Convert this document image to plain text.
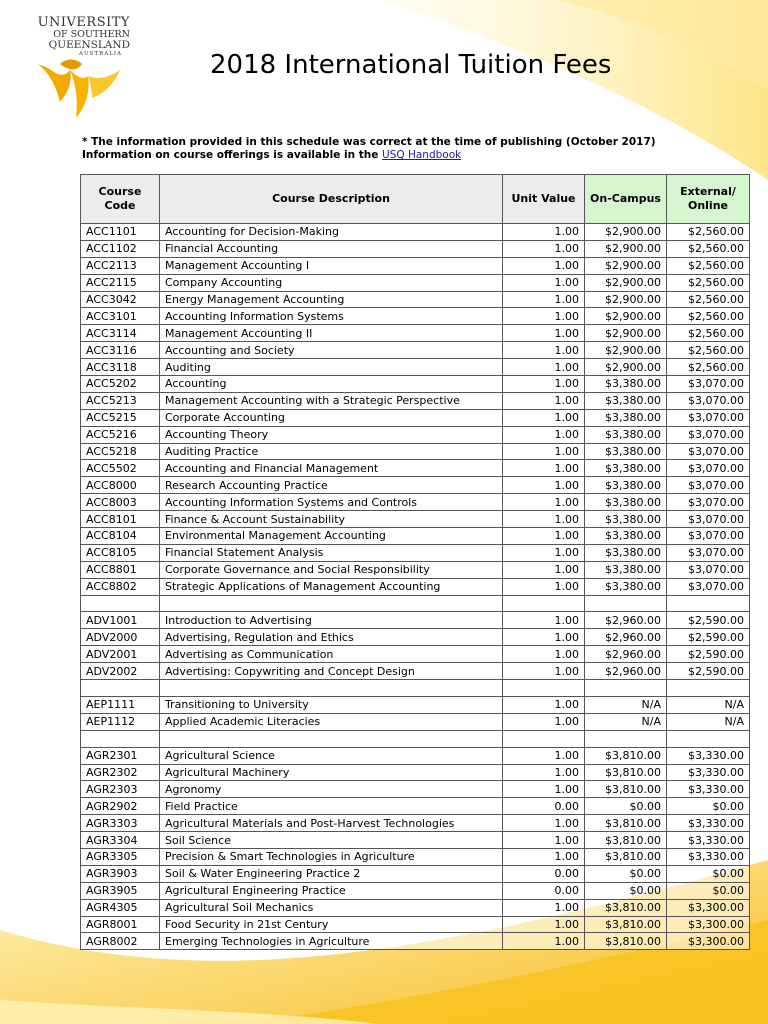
UNIVERSITY
OF SOUTHERN
QUEENSLAND
AUSTRALIA	2018 International Tuition Fees
* The information provided in this schedule was correct at the time of publishing (October 2017)
Information on course offerings is available in the USQ Handbook
Course Code	Course Description	Unit Value	On-Campus	External/ Online
ACC1101	Accounting for Decision-Making	1.00	$2,900.00	$2,560.00
ACC1102	Financial Accounting	1.00	$2,900.00	$2,560.00
ACC2113	Management Accounting I	1.00	$2,900.00	$2,560.00
ACC2115	Company Accounting	1.00	$2,900.00	$2,560.00
ACC3042	Energy Management Accounting	1.00	$2,900.00	$2,560.00
ACC3101	Accounting Information Systems	1.00	$2,900.00	$2,560.00
ACC3114	Management Accounting II	1.00	$2,900.00	$2,560.00
ACC3116	Accounting and Society	1.00	$2,900.00	$2,560.00
ACC3118	Auditing	1.00	$2,900.00	$2,560.00
ACC5202	Accounting	1.00	$3,380.00	$3,070.00
ACC5213	Management Accounting with a Strategic Perspective	1.00	$3,380.00	$3,070.00
ACC5215	Corporate Accounting	1.00	$3,380.00	$3,070.00
ACC5216	Accounting Theory	1.00	$3,380.00	$3,070.00
ACC5218	Auditing Practice	1.00	$3,380.00	$3,070.00
ACC5502	Accounting and Financial Management	1.00	$3,380.00	$3,070.00
ACC8000	Research Accounting Practice	1.00	$3,380.00	$3,070.00
ACC8003	Accounting Information Systems and Controls	1.00	$3,380.00	$3,070.00
ACC8101	Finance & Account Sustainability	1.00	$3,380.00	$3,070.00
ACC8104	Environmental Management Accounting	1.00	$3,380.00	$3,070.00
ACC8105	Financial Statement Analysis	1.00	$3,380.00	$3,070.00
ACC8801	Corporate Governance and Social Responsibility	1.00	$3,380.00	$3,070.00
ACC8802	Strategic Applications of Management Accounting	1.00	$3,380.00	$3,070.00

ADV1001	Introduction to Advertising	1.00	$2,960.00	$2,590.00
ADV2000	Advertising, Regulation and Ethics	1.00	$2,960.00	$2,590.00
ADV2001	Advertising as Communication	1.00	$2,960.00	$2,590.00
ADV2002	Advertising: Copywriting and Concept Design	1.00	$2,960.00	$2,590.00

AEP1111	Transitioning to University	1.00	N/A	N/A
AEP1112	Applied Academic Literacies	1.00	N/A	N/A

AGR2301	Agricultural Science	1.00	$3,810.00	$3,330.00
AGR2302	Agricultural Machinery	1.00	$3,810.00	$3,330.00
AGR2303	Agronomy	1.00	$3,810.00	$3,330.00
AGR2902	Field Practice	0.00	$0.00	$0.00
AGR3303	Agricultural Materials and Post-Harvest Technologies	1.00	$3,810.00	$3,330.00
AGR3304	Soil Science	1.00	$3,810.00	$3,330.00
AGR3305	Precision & Smart Technologies in Agriculture	1.00	$3,810.00	$3,330.00
AGR3903	Soil & Water Engineering Practice 2	0.00	$0.00	$0.00
AGR3905	Agricultural Engineering Practice	0.00	$0.00	$0.00
AGR4305	Agricultural Soil Mechanics	1.00	$3,810.00	$3,300.00
AGR8001	Food Security in 21st Century	1.00	$3,810.00	$3,300.00
AGR8002	Emerging Technologies in Agriculture	1.00	$3,810.00	$3,300.00
